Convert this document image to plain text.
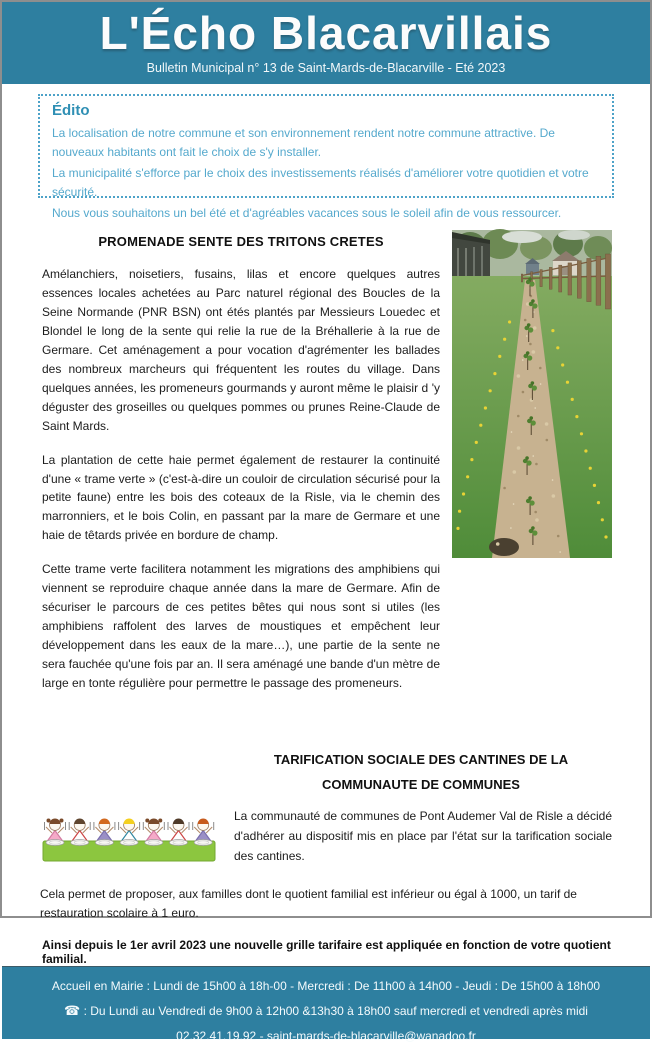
L'Écho Blacarvillais
Bulletin Municipal n° 13 de Saint-Mards-de-Blacarville - Eté 2023
Édito

La localisation de notre commune et son environnement rendent notre commune attractive. De nouveaux habitants ont fait le choix de s'y installer.

La municipalité s'efforce par le choix des investissements réalisés d'améliorer votre quotidien et votre sécurité.

Nous vous souhaitons un bel été et d'agréables vacances sous le soleil afin de vous ressourcer.

PROMENADE SENTE DES TRITONS CRETES

Amélanchiers, noisetiers, fusains, lilas et encore quelques autres essences locales achetées au Parc naturel régional des Boucles de la Seine Normande (PNR BSN) ont étés plantés par Messieurs Louedec et Blondel le long de la sente qui relie la rue de la Bréhallerie à la rue de Germare. Cet aménagement a pour vocation d'agrémenter les ballades des nombreux marcheurs qui fréquentent les routes du village. Dans quelques années, les promeneurs gourmands y auront même le plaisir d 'y déguster des groseilles ou quelques pommes ou prunes Reine-Claude de Saint Mards.

La plantation de cette haie permet également de restaurer la continuité d'une « trame verte » (c'est-à-dire un couloir de circulation sécurisé pour la petite faune) entre les bois des coteaux de la Risle, via le chemin des marronniers, et le bois Colin, en passant par la mare de Germare et une haie de têtards privée en bordure de champ.

Cette trame verte facilitera notamment les migrations des amphibiens qui viennent se reproduire chaque année dans la mare de Germare. Afin de sécuriser le parcours de ces petites bêtes qui nous sont si utiles (les amphibiens raffolent des larves de moustiques et empêchent leur développement dans les eaux de la mare…), une partie de la sente ne sera fauchée qu'une fois par an. Il sera aménagé une bande d'un mètre de large en tonte régulière pour permettre le passage des promeneurs.

TARIFICATION SOCIALE DES CANTINES DE LA
COMMUNAUTE DE COMMUNES

La communauté de communes de Pont Audemer Val de Risle a décidé d'adhérer au dispositif mis en place par l'état sur la tarification sociale des cantines.

Cela permet de proposer, aux familles dont le quotient familial est inférieur ou égal à 1000, un tarif de restauration scolaire à 1 euro.

Ainsi depuis le 1er avril 2023 une nouvelle grille tarifaire est appliquée en fonction de votre quotient familial.

Accueil en Mairie : Lundi de 15h00 à 18h-00 - Mercredi : De 11h00 à 14h00 - Jeudi : De 15h00 à 18h00

☎ : Du Lundi au Vendredi de 9h00 à 12h00 &13h30 à 18h00 sauf mercredi et vendredi après midi

02.32.41.19.92 - saint-mards-de-blacarville@wanadoo.fr
